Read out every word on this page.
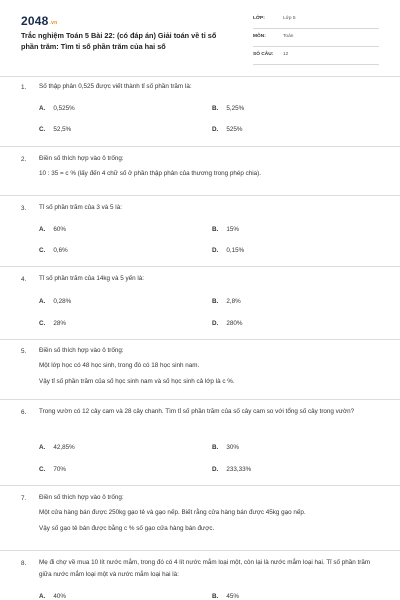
2048.vn
Trắc nghiệm Toán 5 Bài 22: (có đáp án) Giải toán về tỉ số phần trăm: Tìm tỉ số phần trăm của hai số
LỚP:	Lớp 5
MÔN:	Toán
SỐ CÂU: 12
1. Số thập phân 0,525 được viết thành tỉ số phần trăm là:
A. 0,525%	B. 5,25%
C. 52,5%	D. 525%
2. Điền số thích hợp vào ô trống:
10 : 35 = c % (lấy đến 4 chữ số ở phần thập phân của thương trong phép chia).
3. Tỉ số phần trăm của 3 và 5 là:
A. 60%	B. 15%
C. 0,6%	D. 0,15%
4. Tỉ số phần trăm của 14kg và 5 yến là:
A. 0,28%	B. 2,8%
C. 28%	D. 280%
5. Điền số thích hợp vào ô trống:
Một lớp học có 48 học sinh, trong đó có 18 học sinh nam.
Vậy tỉ số phần trăm của số học sinh nam và số học sinh cả lớp là c %.
6. Trong vườn có 12 cây cam và 28 cây chanh. Tìm tỉ số phần trăm của số cây cam so với tổng số cây trong vườn?
A. 42,85%	B. 30%
C. 70%	D. 233,33%
7. Điền số thích hợp vào ô trống:
Một cửa hàng bán được 250kg gạo tẻ và gạo nếp. Biết rằng cửa hàng bán được 45kg gạo nếp.
Vậy số gạo tẻ bán được bằng c % số gạo cửa hàng bán được.
8. Mẹ đi chợ về mua 10 lít nước mắm, trong đó có 4 lít nước mắm loại một, còn lại là nước mắm loại hai. Tỉ số phần trăm giữa nước mắm loại một và nước mắm loại hai là:
A. 40%	B. 45%
